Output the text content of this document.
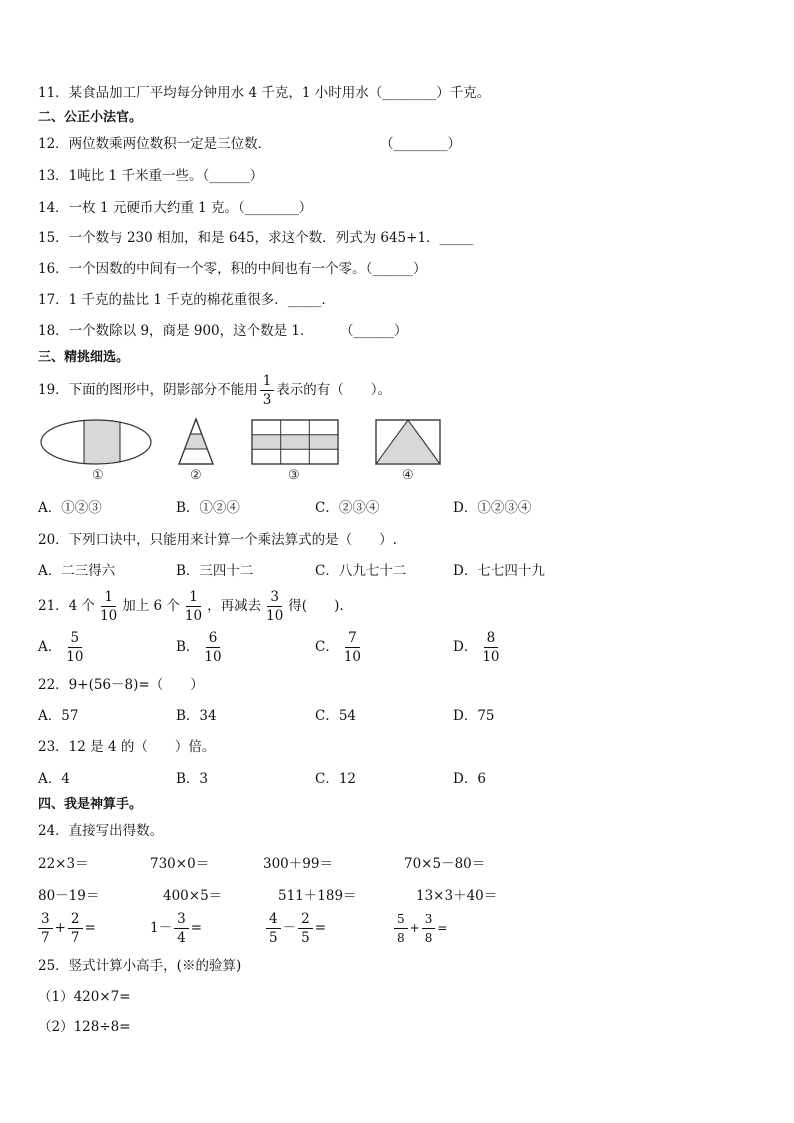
11．某食品加工厂平均每分钟用水 4 千克，1 小时用水（________）千克。
二、公正小法官。
12．两位数乘两位数积一定是三位数．	（________）
13．1吨比 1 千米重一些。（______）
14．一枚 1 元硬币大约重 1 克。（________）
15．一个数与 230 相加，和是 645，求这个数．列式为 645+1．_____
16．一个因数的中间有一个零，积的中间也有一个零。（______）
17．1 千克的盐比 1 千克的棉花重很多．_____．
18．一个数除以 9，商是 900，这个数是 1． （______）
三、精挑细选。
19．下面的图形中，阴影部分不能用 $\frac{1}{3}$ 表示的有（　　）。
①	②	③	④
A．①②③	B．①②④	C．②③④	D．①②③④
20．下列口诀中，只能用来计算一个乘法算式的是（　　）.
A．二三得六	B．三四十二	C．八九七十二	D．七七四十九
21．4 个 $\frac{1}{10}$ 加上 6 个 $\frac{1}{10}$ ，再减去 $\frac{3}{10}$ 得(　　).
A． $\frac{5}{10}$	B． $\frac{6}{10}$	C． $\frac{7}{10}$	D． $\frac{8}{10}$
22．9+(56－8)=（　　）
A．57	B．34	C．54	D．75
23．12 是 4 的（　　）倍。
A．4	B．3	C．12	D．6
四、我是神算手。
24．直接写出得数。
22×3＝	730×0＝	300＋99＝	70×5－80＝
80－19＝	400×5＝	511＋189＝	13×3＋40＝
$\frac{3}{7} + \frac{2}{7}$ =	$1- \frac{3}{4}$ =	$\frac{4}{5} - \frac{2}{5}$ =	$\frac{5}{8} + \frac{3}{8}$ =
25．竖式计算小高手，(※的验算)
（1）420×7=
（2）128÷8=
